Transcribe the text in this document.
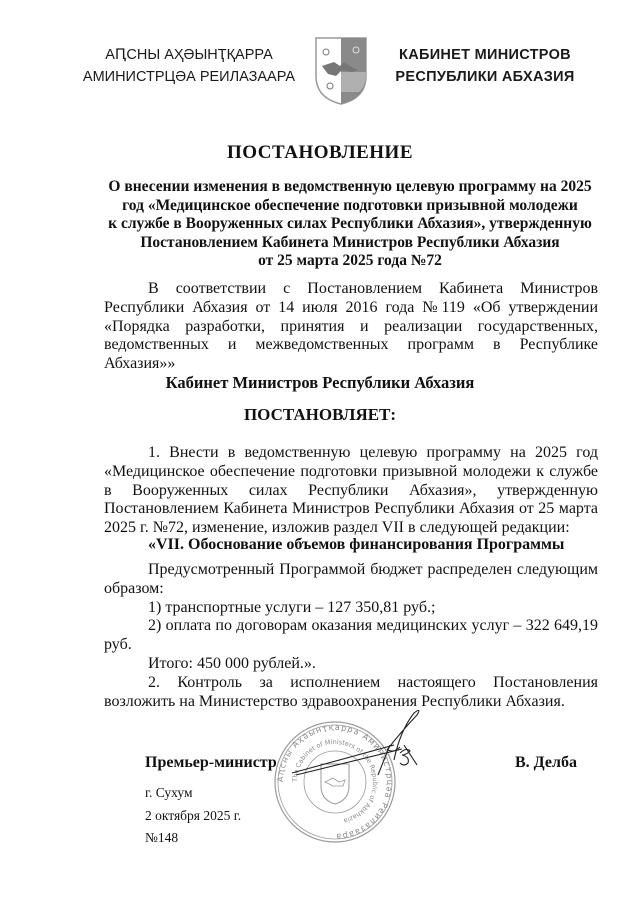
АԤСНЫ АҲӘЫНҬҚАРРА
АМИНИСТРЦӘА РЕИЛАЗААРА
КАБИНЕТ МИНИСТРОВ
РЕСПУБЛИКИ АБХАЗИЯ
ПОСТАНОВЛЕНИЕ
О внесении изменения в ведомственную целевую программу на 2025
год «Медицинское обеспечение подготовки призывной молодежи
к службе в Вооруженных силах Республики Абхазия», утвержденную
Постановлением Кабинета Министров Республики Абхазия
от 25 марта 2025 года №72
В соответствии с Постановлением Кабинета Министров Республики Абхазия от 14 июля 2016 года №119 «Об утверждении «Порядка разработки, принятия и реализации государственных, ведомственных и межведомственных программ в Республике Абхазия»»
Кабинет Министров Республики Абхазия
ПОСТАНОВЛЯЕТ:
1. Внести в ведомственную целевую программу на 2025 год «Медицинское обеспечение подготовки призывной молодежи к службе в Вооруженных силах Республики Абхазия», утвержденную Постановлением Кабинета Министров Республики Абхазия от 25 марта 2025 г. №72, изменение, изложив раздел VII в следующей редакции:
«VII. Обоснование объемов финансирования Программы
Предусмотренный Программой бюджет распределен следующим образом:
1) транспортные услуги – 127 350,81 руб.;
2) оплата по договорам оказания медицинских услуг – 322 649,19 руб.
Итого: 450 000 рублей.».
2. Контроль за исполнением настоящего Постановления возложить на Министерство здравоохранения Республики Абхазия.
Премьер-министр	В. Делба
г. Сухум
2 октября 2025 г.
№148
Аԥсны Аҳәынҭқарра Аминистрцәа Реилазаара
The Cabinet of Ministers of the Republic of Abkhazia
